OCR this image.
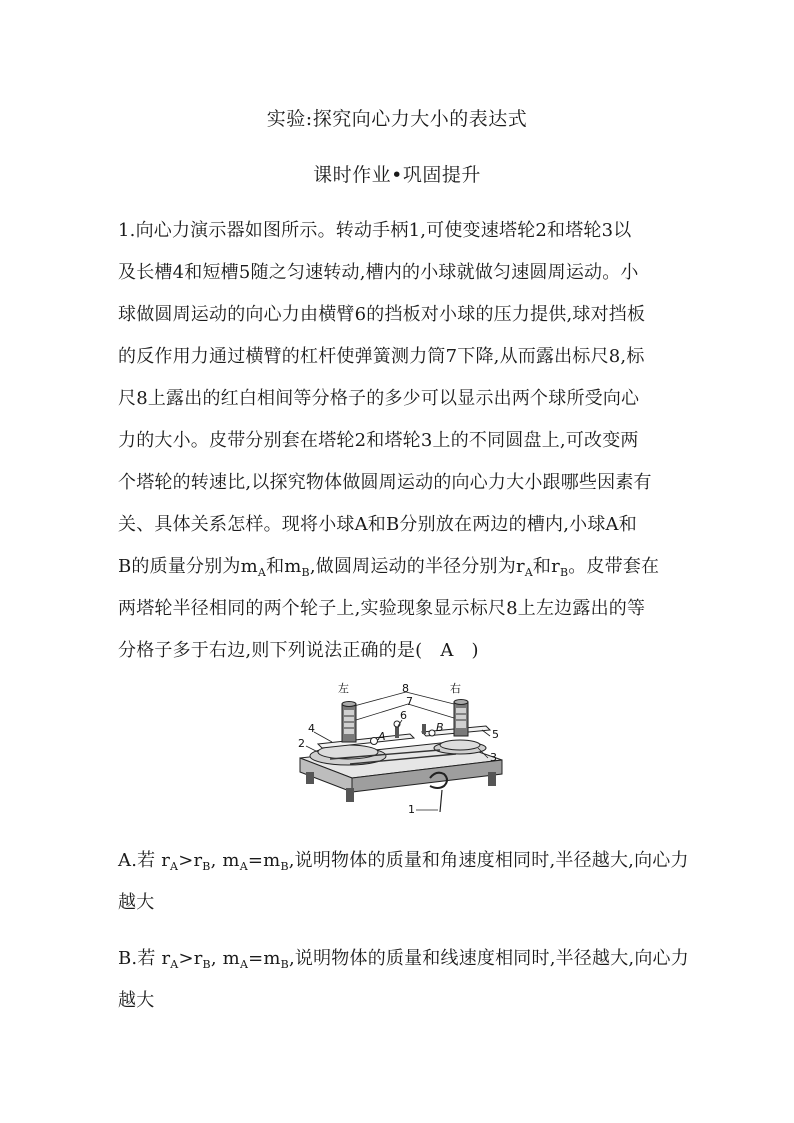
实验:探究向心力大小的表达式
课时作业•巩固提升
1.向心力演示器如图所示。转动手柄1,可使变速塔轮2和塔轮3以
及长槽4和短槽5随之匀速转动,槽内的小球就做匀速圆周运动。小
球做圆周运动的向心力由横臂6的挡板对小球的压力提供,球对挡板
的反作用力通过横臂的杠杆使弹簧测力筒7下降,从而露出标尺8,标
尺8上露出的红白相间等分格子的多少可以显示出两个球所受向心
力的大小。皮带分别套在塔轮2和塔轮3上的不同圆盘上,可改变两
个塔轮的转速比,以探究物体做圆周运动的向心力大小跟哪些因素有
关、具体关系怎样。现将小球A和B分别放在两边的槽内,小球A和
B的质量分别为$m_A$和$m_B$,做圆周运动的半径分别为$r_A$和$r_B$。皮带套在
两塔轮半径相同的两个轮子上,实验现象显示标尺8上左边露出的等
分格子多于右边,则下列说法正确的是( A )
左	右
8
7
6
4
2
5
3
1
A
B
A.若 $r_A>r_B$, $m_A=m_B$,说明物体的质量和角速度相同时,半径越大,向心力
越大
B.若 $r_A>r_B$, $m_A=m_B$,说明物体的质量和线速度相同时,半径越大,向心力
越大
